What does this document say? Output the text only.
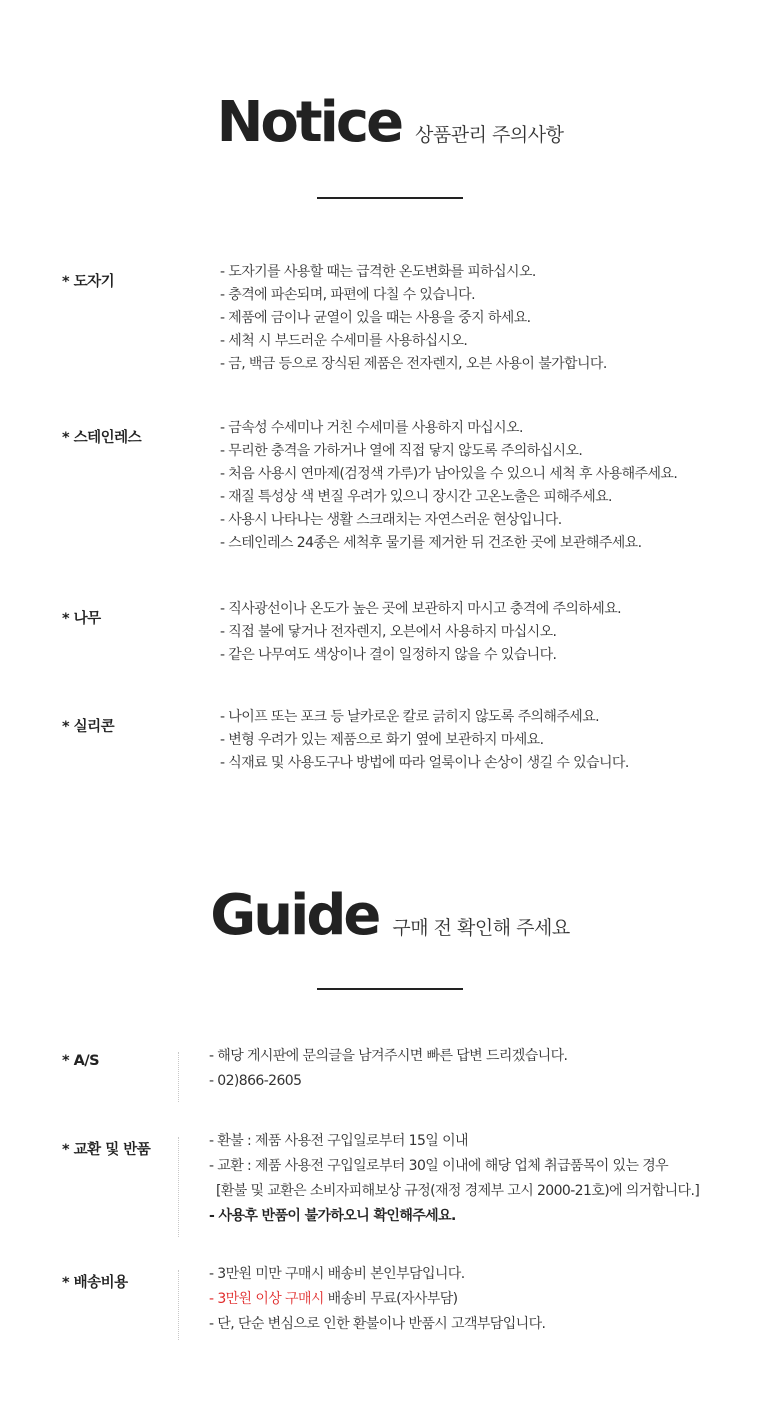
Notice 상품관리 주의사항
* 도자기
- 도자기를 사용할 때는 급격한 온도변화를 피하십시오.
- 충격에 파손되며, 파편에 다칠 수 있습니다.
- 제품에 금이나 균열이 있을 때는 사용을 중지 하세요.
- 세척 시 부드러운 수세미를 사용하십시오.
- 금, 백금 등으로 장식된 제품은 전자렌지, 오븐 사용이 불가합니다.
* 스테인레스
- 금속성 수세미나 거친 수세미를 사용하지 마십시오.
- 무리한 충격을 가하거나 열에 직접 닿지 않도록 주의하십시오.
- 처음 사용시 연마제(검정색 가루)가 남아있을 수 있으니 세척 후 사용해주세요.
- 재질 특성상 색 변질 우려가 있으니 장시간 고온노출은 피해주세요.
- 사용시 나타나는 생활 스크래치는 자연스러운 현상입니다.
- 스테인레스 24종은 세척후 물기를 제거한 뒤 건조한 곳에 보관해주세요.
* 나무
- 직사광선이나 온도가 높은 곳에 보관하지 마시고 충격에 주의하세요.
- 직접 불에 닿거나 전자렌지, 오븐에서 사용하지 마십시오.
- 같은 나무여도 색상이나 결이 일정하지 않을 수 있습니다.
* 실리콘
- 나이프 또는 포크 등 날카로운 칼로 긁히지 않도록 주의해주세요.
- 변형 우려가 있는 제품으로 화기 옆에 보관하지 마세요.
- 식재료 및 사용도구나 방법에 따라 얼룩이나 손상이 생길 수 있습니다.
Guide 구매 전 확인해 주세요
* A/S	- 해당 게시판에 문의글을 남겨주시면 빠른 답변 드리겠습니다.
- 02)866-2605
* 교환 및 반품
- 환불 : 제품 사용전 구입일로부터 15일 이내
- 교환 : 제품 사용전 구입일로부터 30일 이내에 해당 업체 취급품목이 있는 경우
[환불 및 교환은 소비자피해보상 규정(재정 경제부 고시 2000-21호)에 의거합니다.]
- 사용후 반품이 불가하오니 확인해주세요.
* 배송비용
- 3만원 미만 구매시 배송비 본인부담입니다.
- 3만원 이상 구매시 배송비 무료(자사부담)
- 단, 단순 변심으로 인한 환불이나 반품시 고객부담입니다.
